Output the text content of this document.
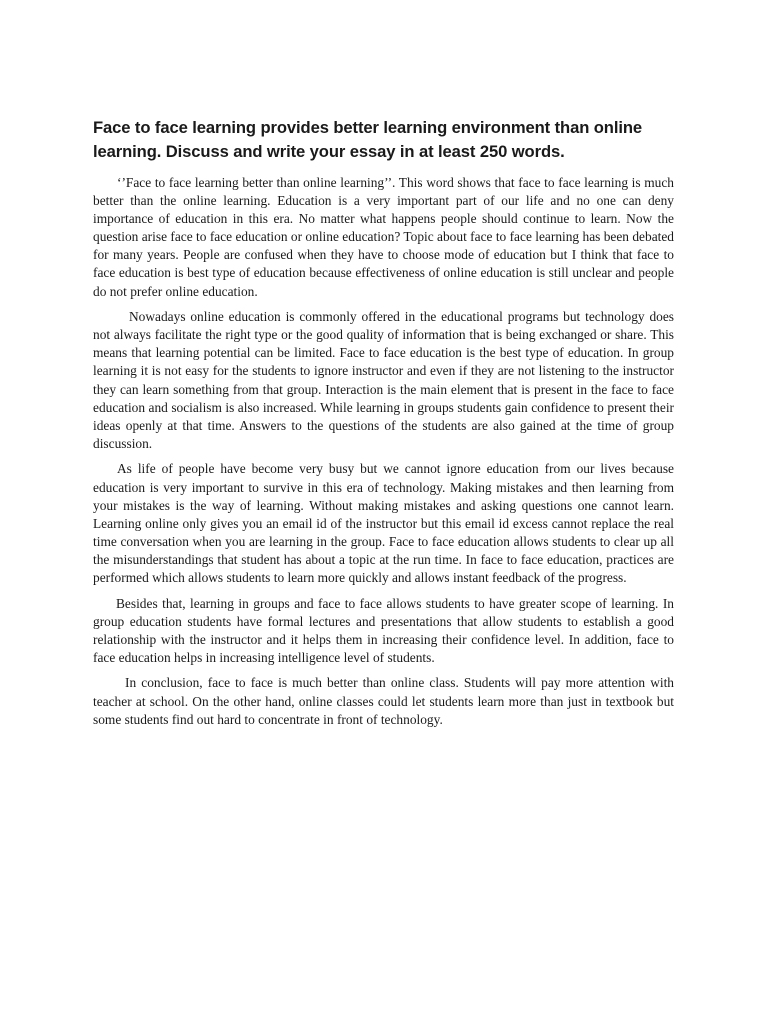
Face to face learning provides better learning environment than online learning. Discuss and write your essay in at least 250 words.

‘’Face to face learning better than online learning’’. This word shows that face to face learning is much better than the online learning. Education is a very important part of our life and no one can deny importance of education in this era. No matter what happens people should continue to learn. Now the question arise face to face education or online education? Topic about face to face learning has been debated for many years. People are confused when they have to choose mode of education but I think that face to face education is best type of education because effectiveness of online education is still unclear and people do not prefer online education.

Nowadays online education is commonly offered in the educational programs but technology does not always facilitate the right type or the good quality of information that is being exchanged or share. This means that learning potential can be limited. Face to face education is the best type of education. In group learning it is not easy for the students to ignore instructor and even if they are not listening to the instructor they can learn something from that group. Interaction is the main element that is present in the face to face education and socialism is also increased. While learning in groups students gain confidence to present their ideas openly at that time. Answers to the questions of the students are also gained at the time of group discussion.

As life of people have become very busy but we cannot ignore education from our lives because education is very important to survive in this era of technology. Making mistakes and then learning from your mistakes is the way of learning. Without making mistakes and asking questions one cannot learn. Learning online only gives you an email id of the instructor but this email id excess cannot replace the real time conversation when you are learning in the group. Face to face education allows students to clear up all the misunderstandings that student has about a topic at the run time. In face to face education, practices are performed which allows students to learn more quickly and allows instant feedback of the progress.

Besides that, learning in groups and face to face allows students to have greater scope of learning. In group education students have formal lectures and presentations that allow students to establish a good relationship with the instructor and it helps them in increasing their confidence level. In addition, face to face education helps in increasing intelligence level of students.

In conclusion, face to face is much better than online class. Students will pay more attention with teacher at school. On the other hand, online classes could let students learn more than just in textbook but some students find out hard to concentrate in front of technology.
